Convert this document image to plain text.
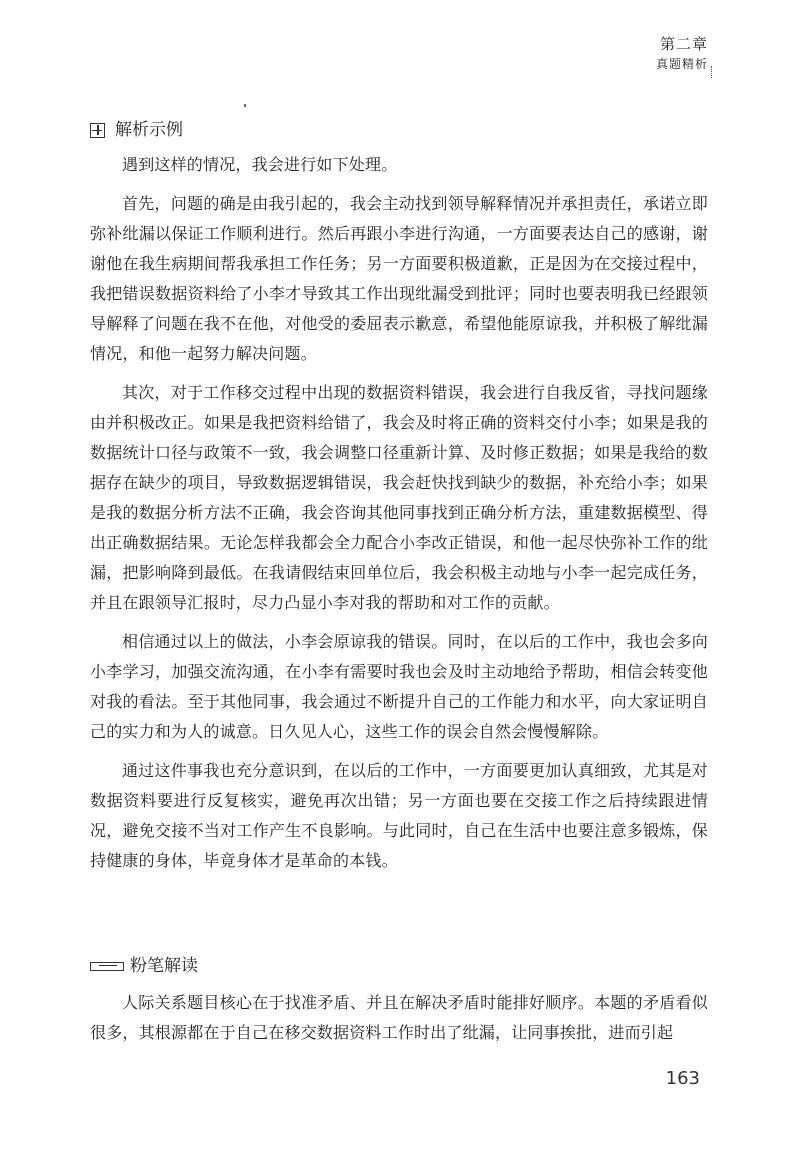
第二章
真题精析
解析示例

遇到这样的情况，我会进行如下处理。

首先，问题的确是由我引起的，我会主动找到领导解释情况并承担责任，承诺立即弥补纰漏以保证工作顺利进行。然后再跟小李进行沟通，一方面要表达自己的感谢，谢谢他在我生病期间帮我承担工作任务；另一方面要积极道歉，正是因为在交接过程中，我把错误数据资料给了小李才导致其工作出现纰漏受到批评；同时也要表明我已经跟领导解释了问题在我不在他，对他受的委屈表示歉意，希望他能原谅我，并积极了解纰漏情况，和他一起努力解决问题。

其次，对于工作移交过程中出现的数据资料错误，我会进行自我反省，寻找问题缘由并积极改正。如果是我把资料给错了，我会及时将正确的资料交付小李；如果是我的数据统计口径与政策不一致，我会调整口径重新计算、及时修正数据；如果是我给的数据存在缺少的项目，导致数据逻辑错误，我会赶快找到缺少的数据，补充给小李；如果是我的数据分析方法不正确，我会咨询其他同事找到正确分析方法，重建数据模型、得出正确数据结果。无论怎样我都会全力配合小李改正错误，和他一起尽快弥补工作的纰漏，把影响降到最低。在我请假结束回单位后，我会积极主动地与小李一起完成任务，并且在跟领导汇报时，尽力凸显小李对我的帮助和对工作的贡献。

相信通过以上的做法，小李会原谅我的错误。同时，在以后的工作中，我也会多向小李学习，加强交流沟通，在小李有需要时我也会及时主动地给予帮助，相信会转变他对我的看法。至于其他同事，我会通过不断提升自己的工作能力和水平，向大家证明自己的实力和为人的诚意。日久见人心，这些工作的误会自然会慢慢解除。

通过这件事我也充分意识到，在以后的工作中，一方面要更加认真细致，尤其是对数据资料要进行反复核实，避免再次出错；另一方面也要在交接工作之后持续跟进情况，避免交接不当对工作产生不良影响。与此同时，自己在生活中也要注意多锻炼，保持健康的身体，毕竟身体才是革命的本钱。

粉笔解读

人际关系题目核心在于找准矛盾、并且在解决矛盾时能排好顺序。本题的矛盾看似很多，其根源都在于自己在移交数据资料工作时出了纰漏，让同事挨批，进而引起

163
